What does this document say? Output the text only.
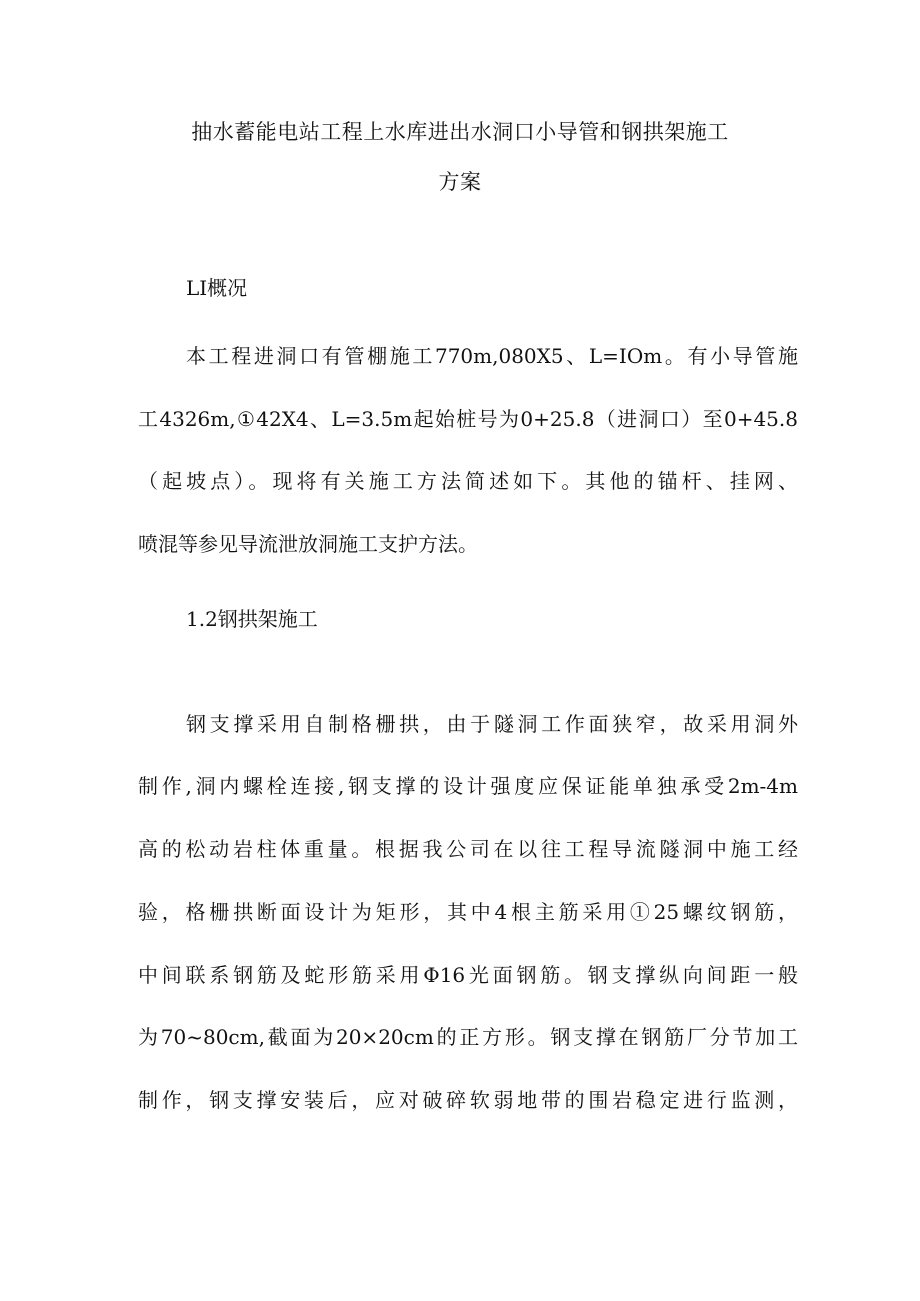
抽水蓄能电站工程上水库进出水洞口小导管和钢拱架施工
方案
LI概况
本工程进洞口有管棚施工770m,080X5、L=IOm。有小导管施
工4326m,①42X4、L=3.5m起始桩号为0+25.8（进洞口）至0+45.8
（起坡点）。现将有关施工方法简述如下。其他的锚杆、挂网、
喷混等参见导流泄放洞施工支护方法。
1.2钢拱架施工
钢支撑采用自制格栅拱，由于隧洞工作面狭窄，故采用洞外
制作,洞内螺栓连接,钢支撑的设计强度应保证能单独承受2m-4m
高的松动岩柱体重量。根据我公司在以往工程导流隧洞中施工经
验，格栅拱断面设计为矩形，其中4根主筋采用①25螺纹钢筋，
中间联系钢筋及蛇形筋采用Φ16光面钢筋。钢支撑纵向间距一般
为70~80cm,截面为20×20cm的正方形。钢支撑在钢筋厂分节加工
制作，钢支撑安装后，应对破碎软弱地带的围岩稳定进行监测，
